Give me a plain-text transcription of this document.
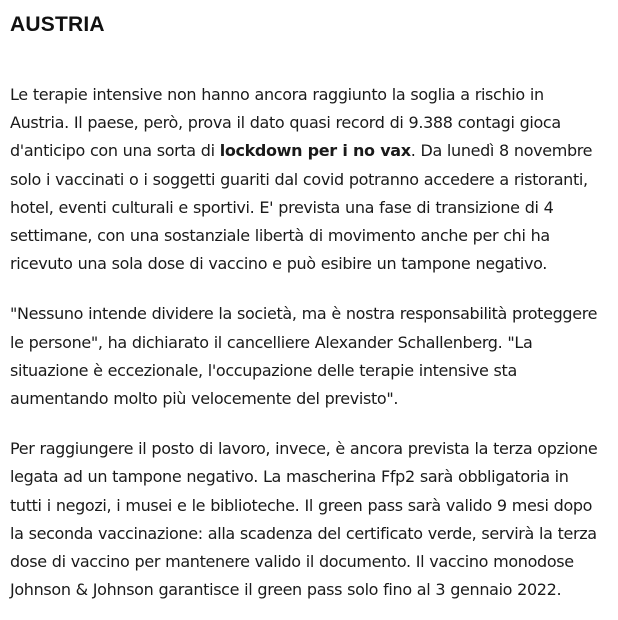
AUSTRIA

Le terapie intensive non hanno ancora raggiunto la soglia a rischio in
Austria. Il paese, però, prova il dato quasi record di 9.388 contagi gioca
d'anticipo con una sorta di lockdown per i no vax. Da lunedì 8 novembre
solo i vaccinati o i soggetti guariti dal covid potranno accedere a ristoranti,
hotel, eventi culturali e sportivi. E' prevista una fase di transizione di 4
settimane, con una sostanziale libertà di movimento anche per chi ha
ricevuto una sola dose di vaccino e può esibire un tampone negativo.

"Nessuno intende dividere la società, ma è nostra responsabilità proteggere
le persone", ha dichiarato il cancelliere Alexander Schallenberg. "La
situazione è eccezionale, l'occupazione delle terapie intensive sta
aumentando molto più velocemente del previsto".

Per raggiungere il posto di lavoro, invece, è ancora prevista la terza opzione
legata ad un tampone negativo. La mascherina Ffp2 sarà obbligatoria in
tutti i negozi, i musei e le biblioteche. Il green pass sarà valido 9 mesi dopo
la seconda vaccinazione: alla scadenza del certificato verde, servirà la terza
dose di vaccino per mantenere valido il documento. Il vaccino monodose
Johnson & Johnson garantisce il green pass solo fino al 3 gennaio 2022.
